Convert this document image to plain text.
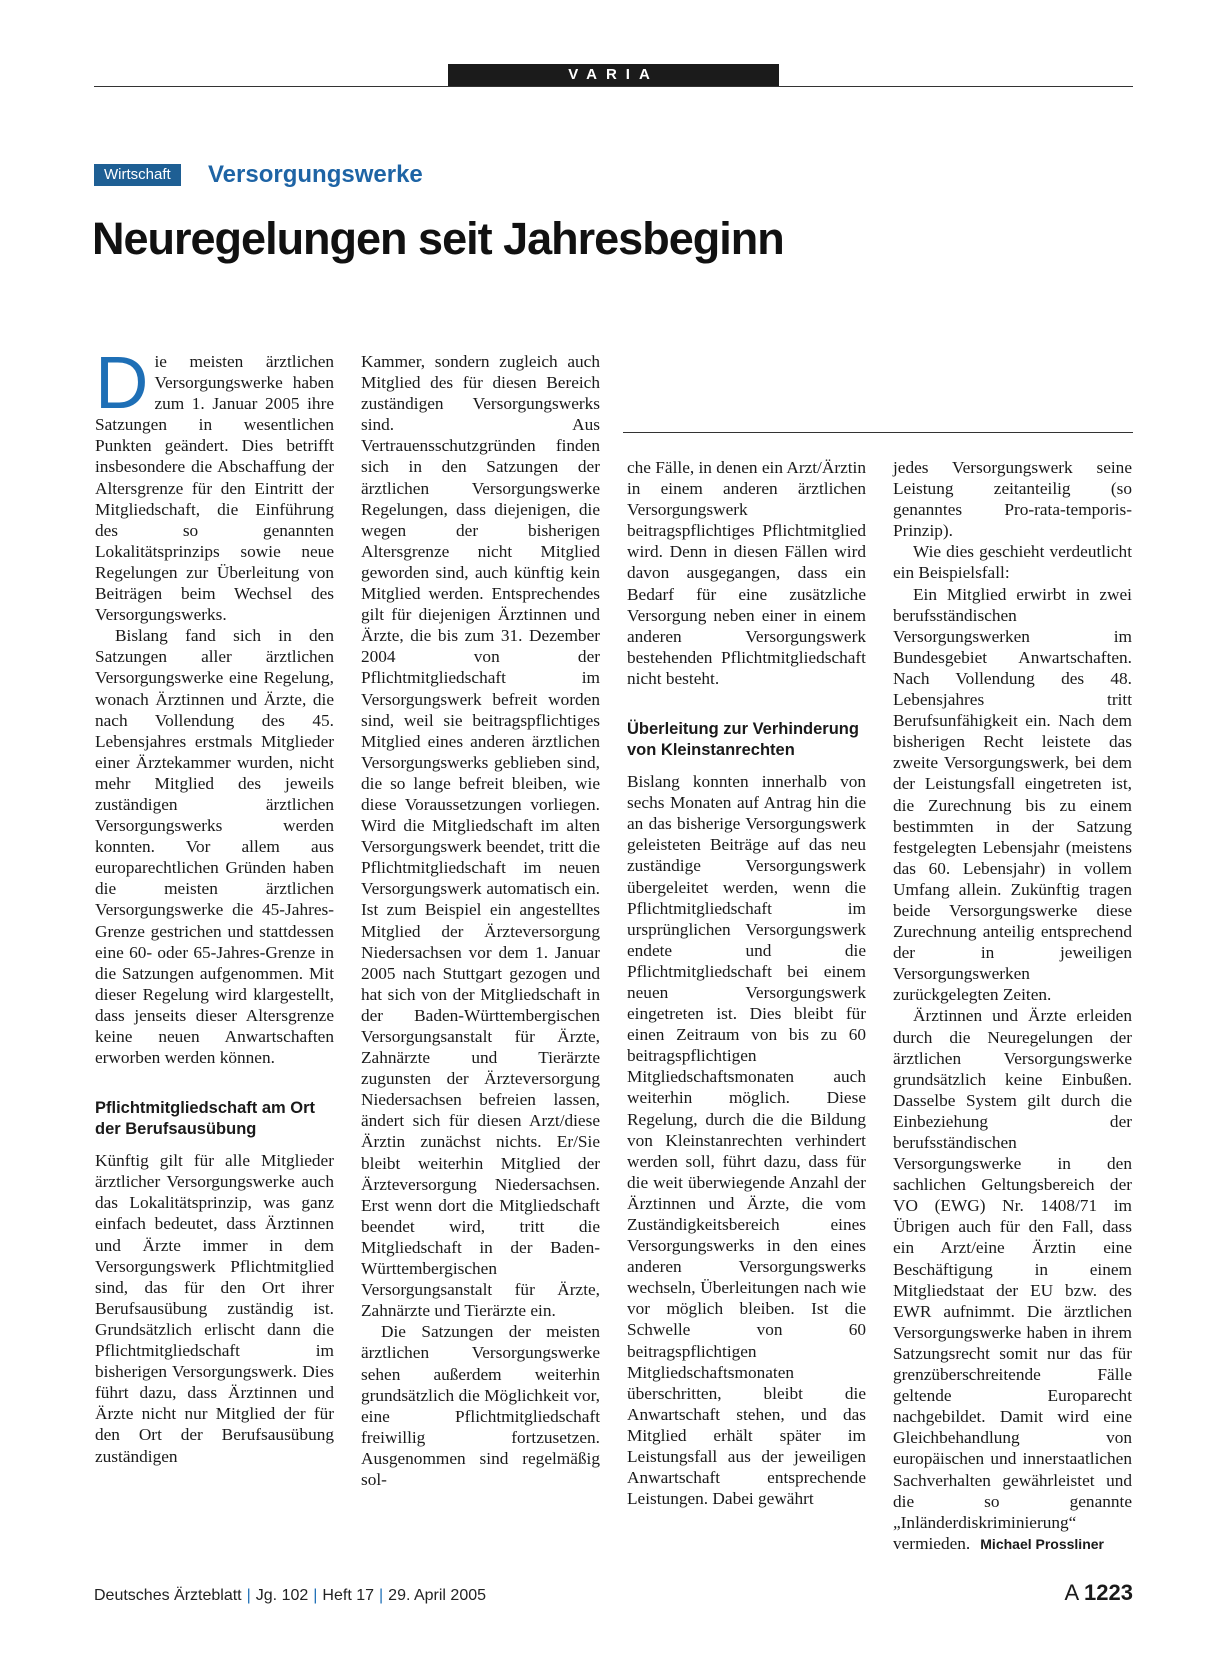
VARIA
Wirtschaft	Versorgungswerke
Neuregelungen seit Jahresbeginn

Die meisten ärztlichen Versorgungswerke haben zum 1. Januar 2005 ihre Satzungen in wesentlichen Punkten geändert. Dies betrifft insbesondere die Abschaffung der Altersgrenze für den Eintritt der Mitgliedschaft, die Einführung des so genannten Lokalitätsprinzips sowie neue Regelungen zur Überleitung von Beiträgen beim Wechsel des Versorgungswerks.

Bislang fand sich in den Satzungen aller ärztlichen Versorgungswerke eine Regelung, wonach Ärztinnen und Ärzte, die nach Vollendung des 45. Lebensjahres erstmals Mitglieder einer Ärztekammer wurden, nicht mehr Mitglied des jeweils zuständigen ärztlichen Versorgungswerks werden konnten. Vor allem aus europarechtlichen Gründen haben die meisten ärztlichen Versorgungswerke die 45-Jahres-Grenze gestrichen und stattdessen eine 60- oder 65-Jahres-Grenze in die Satzungen aufgenommen. Mit dieser Regelung wird klargestellt, dass jenseits dieser Altersgrenze keine neuen Anwartschaften erworben werden können.

Pflichtmitgliedschaft am Ort der Berufsausübung

Künftig gilt für alle Mitglieder ärztlicher Versorgungswerke auch das Lokalitätsprinzip, was ganz einfach bedeutet, dass Ärztinnen und Ärzte immer in dem Versorgungswerk Pflichtmitglied sind, das für den Ort ihrer Berufsausübung zuständig ist. Grundsätzlich erlischt dann die Pflichtmitgliedschaft im bisherigen Versorgungswerk. Dies führt dazu, dass Ärztinnen und Ärzte nicht nur Mitglied der für den Ort der Berufsausübung zuständigen

Kammer, sondern zugleich auch Mitglied des für diesen Bereich zuständigen Versorgungswerks sind. Aus Vertrauensschutzgründen finden sich in den Satzungen der ärztlichen Versorgungswerke Regelungen, dass diejenigen, die wegen der bisherigen Altersgrenze nicht Mitglied geworden sind, auch künftig kein Mitglied werden. Entsprechendes gilt für diejenigen Ärztinnen und Ärzte, die bis zum 31. Dezember 2004 von der Pflichtmitgliedschaft im Versorgungswerk befreit worden sind, weil sie beitragspflichtiges Mitglied eines anderen ärztlichen Versorgungswerks geblieben sind, die so lange befreit bleiben, wie diese Voraussetzungen vorliegen. Wird die Mitgliedschaft im alten Versorgungswerk beendet, tritt die Pflichtmitgliedschaft im neuen Versorgungswerk automatisch ein. Ist zum Beispiel ein angestelltes Mitglied der Ärzteversorgung Niedersachsen vor dem 1. Januar 2005 nach Stuttgart gezogen und hat sich von der Mitgliedschaft in der Baden-Württembergischen Versorgungsanstalt für Ärzte, Zahnärzte und Tierärzte zugunsten der Ärzteversorgung Niedersachsen befreien lassen, ändert sich für diesen Arzt/diese Ärztin zunächst nichts. Er/Sie bleibt weiterhin Mitglied der Ärzteversorgung Niedersachsen. Erst wenn dort die Mitgliedschaft beendet wird, tritt die Mitgliedschaft in der Baden-Württembergischen Versorgungsanstalt für Ärzte, Zahnärzte und Tierärzte ein.

Die Satzungen der meisten ärztlichen Versorgungswerke sehen außerdem weiterhin grundsätzlich die Möglichkeit vor, eine Pflichtmitgliedschaft freiwillig fortzusetzen. Ausgenommen sind regelmäßig sol-

che Fälle, in denen ein Arzt/Ärztin in einem anderen ärztlichen Versorgungswerk beitragspflichtiges Pflichtmitglied wird. Denn in diesen Fällen wird davon ausgegangen, dass ein Bedarf für eine zusätzliche Versorgung neben einer in einem anderen Versorgungswerk bestehenden Pflichtmitgliedschaft nicht besteht.

Überleitung zur Verhinderung von Kleinstanrechten

Bislang konnten innerhalb von sechs Monaten auf Antrag hin die an das bisherige Versorgungswerk geleisteten Beiträge auf das neu zuständige Versorgungswerk übergeleitet werden, wenn die Pflichtmitgliedschaft im ursprünglichen Versorgungswerk endete und die Pflichtmitgliedschaft bei einem neuen Versorgungswerk eingetreten ist. Dies bleibt für einen Zeitraum von bis zu 60 beitragspflichtigen Mitgliedschaftsmonaten auch weiterhin möglich. Diese Regelung, durch die die Bildung von Kleinstanrechten verhindert werden soll, führt dazu, dass für die weit überwiegende Anzahl der Ärztinnen und Ärzte, die vom Zuständigkeitsbereich eines Versorgungswerks in den eines anderen Versorgungswerks wechseln, Überleitungen nach wie vor möglich bleiben. Ist die Schwelle von 60 beitragspflichtigen Mitgliedschaftsmonaten überschritten, bleibt die Anwartschaft stehen, und das Mitglied erhält später im Leistungsfall aus der jeweiligen Anwartschaft entsprechende Leistungen. Dabei gewährt

jedes Versorgungswerk seine Leistung zeitanteilig (so genanntes Pro-rata-temporis-Prinzip).

Wie dies geschieht verdeutlicht ein Beispielsfall:

Ein Mitglied erwirbt in zwei berufsständischen Versorgungswerken im Bundesgebiet Anwartschaften. Nach Vollendung des 48. Lebensjahres tritt Berufsunfähigkeit ein. Nach dem bisherigen Recht leistete das zweite Versorgungswerk, bei dem der Leistungsfall eingetreten ist, die Zurechnung bis zu einem bestimmten in der Satzung festgelegten Lebensjahr (meistens das 60. Lebensjahr) in vollem Umfang allein. Zukünftig tragen beide Versorgungswerke diese Zurechnung anteilig entsprechend der in jeweiligen Versorgungswerken zurückgelegten Zeiten.

Ärztinnen und Ärzte erleiden durch die Neuregelungen der ärztlichen Versorgungswerke grundsätzlich keine Einbußen. Dasselbe System gilt durch die Einbeziehung der berufsständischen Versorgungswerke in den sachlichen Geltungsbereich der VO (EWG) Nr. 1408/71 im Übrigen auch für den Fall, dass ein Arzt/eine Ärztin eine Beschäftigung in einem Mitgliedstaat der EU bzw. des EWR aufnimmt. Die ärztlichen Versorgungswerke haben in ihrem Satzungsrecht somit nur das für grenzüberschreitende Fälle geltende Europarecht nachgebildet. Damit wird eine Gleichbehandlung von europäischen und innerstaatlichen Sachverhalten gewährleistet und die so genannte „Inländerdiskriminierung“ vermieden. Michael Prossliner

Deutsches Ärzteblatt | Jg. 102 | Heft 17 | 29. April 2005	A 1223
